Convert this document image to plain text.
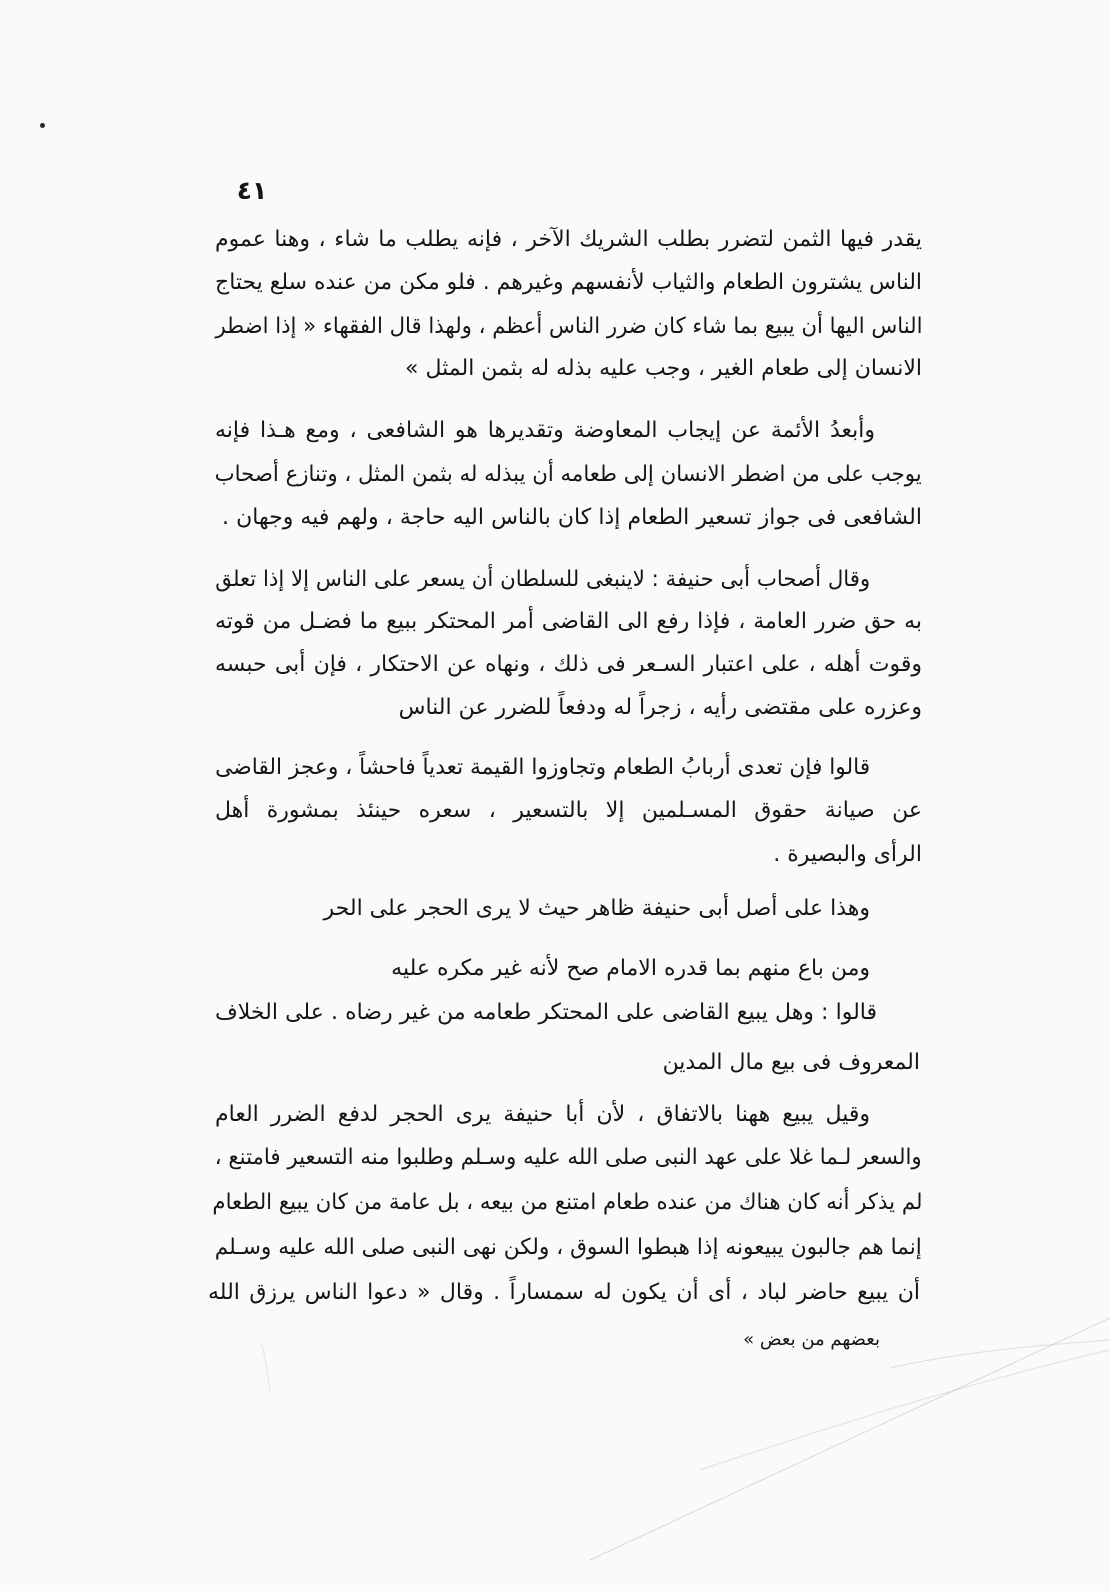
٤١
يقدر فيها الثمن لتضرر بطلب الشريك الآخر ، فإنه يطلب ما شاء ، وهنا عموم
الناس يشترون الطعام والثياب لأنفسهم وغيرهم . فلو مكن من عنده سلع يحتاج
الناس اليها أن يبيع بما شاء كان ضرر الناس أعظم ، ولهذا قال الفقهاء « إذا اضطر
الانسان إلى طعام الغير ، وجب عليه بذله له بثمن المثل »
وأبعدُ الأئمة عن إيجاب المعاوضة وتقديرها هو الشافعى ، ومع هـذا فإنه
يوجب على من اضطر الانسان إلى طعامه أن يبذله له بثمن المثل ، وتنازع أصحاب
الشافعى فى جواز تسعير الطعام إذا كان بالناس اليه حاجة ، ولهم فيه وجهان .
وقال أصحاب أبى حنيفة : لاينبغى للسلطان أن يسعر على الناس إلا إذا تعلق
به حق ضرر العامة ، فإذا رفع الى القاضى أمر المحتكر ببيع ما فضـل من قوته
وقوت أهله ، على اعتبار السـعر فى ذلك ، ونهاه عن الاحتكار ، فإن أبى حبسه
وعزره على مقتضى رأيه ، زجراً له ودفعاً للضرر عن الناس
قالوا فإن تعدى أربابُ الطعام وتجاوزوا القيمة تعدياً فاحشاً ، وعجز القاضى
عن صيانة حقوق المسـلمين إلا بالتسعير ، سعره حينئذ بمشورة أهل
الرأى والبصيرة .
وهذا على أصل أبى حنيفة ظاهر حيث لا يرى الحجر على الحر
ومن باع منهم بما قدره الامام صح لأنه غير مكره عليه
قالوا : وهل يبيع القاضى على المحتكر طعامه من غير رضاه . على الخلاف
المعروف فى بيع مال المدين
وقيل يبيع ههنا بالاتفاق ، لأن أبا حنيفة يرى الحجر لدفع الضرر العام
والسعر لـما غلا على عهد النبى صلى الله عليه وسـلم وطلبوا منه التسعير فامتنع ،
لم يذكر أنه كان هناك من عنده طعام امتنع من بيعه ، بل عامة من كان يبيع الطعام
إنما هم جالبون يبيعونه إذا هبطوا السوق ، ولكن نهى النبى صلى الله عليه وسـلم
أن يبيع حاضر لباد ، أى أن يكون له سمساراً . وقال « دعوا الناس يرزق الله
بعضهم من بعض »
